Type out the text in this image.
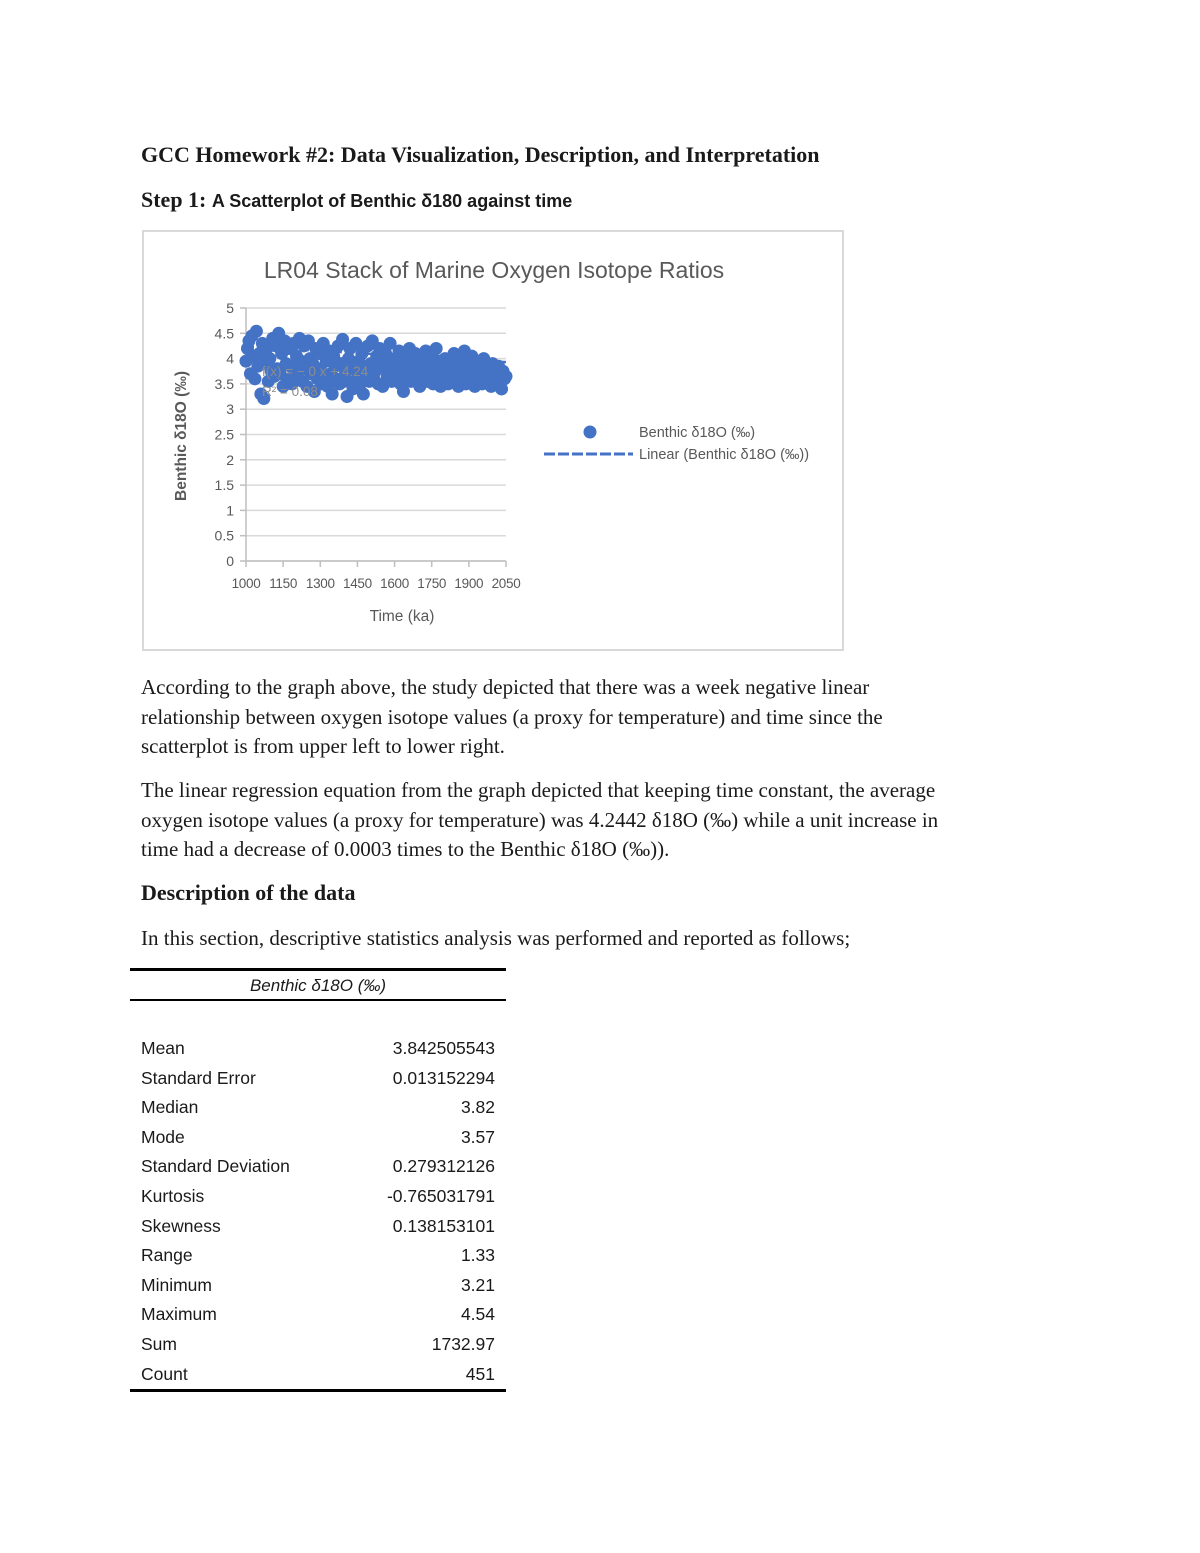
GCC Homework #2: Data Visualization, Description, and Interpretation
Step 1: A Scatterplot of Benthic δ180 against time
LR04 Stack of Marine Oxygen Isotope Ratios
0
0.5
1
1.5
2
2.5
3
3.5
4
4.5
5
1000 1150 1300 1450 1600 1750 1900 2050
f(x) = − 0 x + 4.24
R² = 0.08
Time (ka)
Benthic δ18O (‰)	Benthic δ18O (‰)
Linear (Benthic δ18O (‰))

According to the graph above, the study depicted that there was a week negative linear
relationship between oxygen isotope values (a proxy for temperature) and time since the
scatterplot is from upper left to lower right.

The linear regression equation from the graph depicted that keeping time constant, the average
oxygen isotope values (a proxy for temperature) was 4.2442 δ18O (‰) while a unit increase in
time had a decrease of 0.0003 times to the Benthic δ18O (‰)).

Description of the data

In this section, descriptive statistics analysis was performed and reported as follows;

Benthic δ18O (‰)
Mean	3.842505543
Standard Error	0.013152294
Median	3.82
Mode	3.57
Standard Deviation	0.279312126
Kurtosis	-0.765031791
Skewness	0.138153101
Range	1.33
Minimum	3.21
Maximum	4.54
Sum	1732.97
Count	451
